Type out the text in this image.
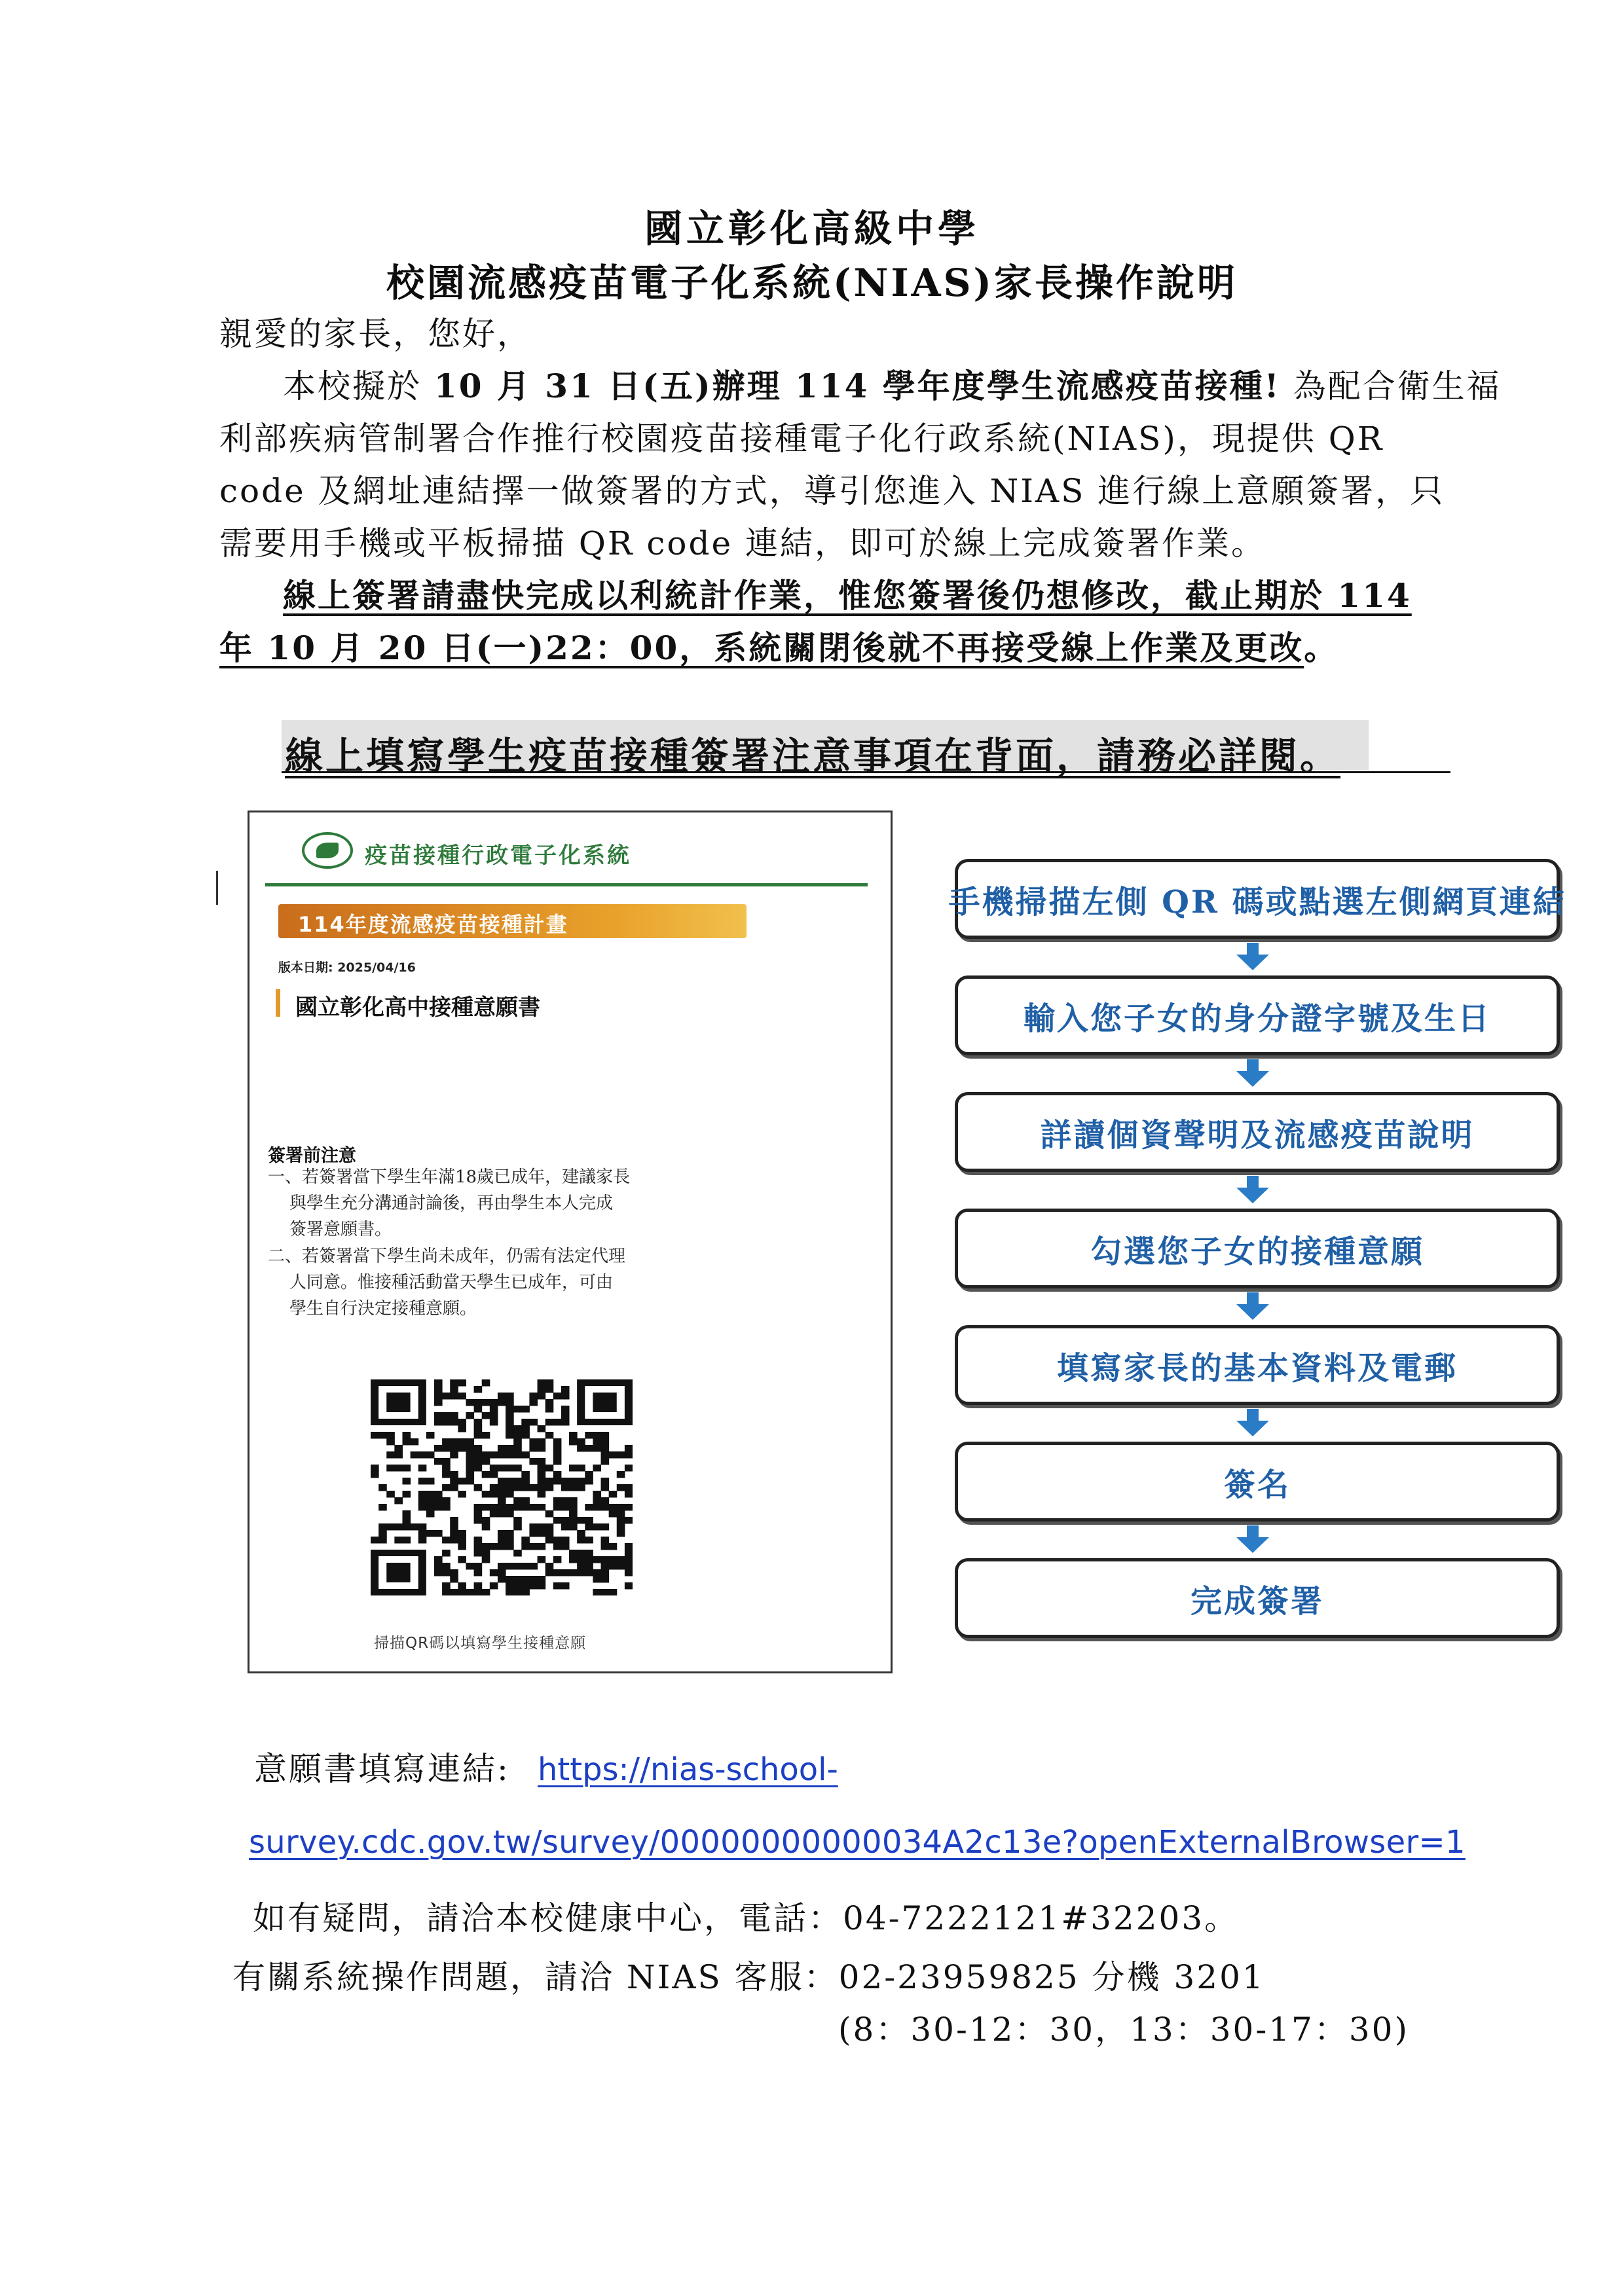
國立彰化高級中學
校園流感疫苗電子化系統(NIAS)家長操作說明
親愛的家長，您好，
本校擬於 10 月 31 日(五)辦理 114 學年度學生流感疫苗接種! 為配合衛生福
利部疾病管制署合作推行校園疫苗接種電子化行政系統(NIAS)，現提供 QR
code 及網址連結擇一做簽署的方式，導引您進入 NIAS 進行線上意願簽署，只
需要用手機或平板掃描 QR code 連結，即可於線上完成簽署作業。
線上簽署請盡快完成以利統計作業，惟您簽署後仍想修改，截止期於 114
年 10 月 20 日(一)22：00，系統關閉後就不再接受線上作業及更改。
線上填寫學生疫苗接種簽署注意事項在背面，請務必詳閱。
疫苗接種行政電子化系統
114年度流感疫苗接種計畫
版本日期: 2025/04/16
國立彰化高中接種意願書
簽署前注意
一、若簽署當下學生年滿18歲已成年，建議家長
與學生充分溝通討論後，再由學生本人完成
簽署意願書。
二、若簽署當下學生尚未成年，仍需有法定代理
人同意。惟接種活動當天學生已成年，可由
學生自行決定接種意願。
掃描QR碼以填寫學生接種意願
手機掃描左側 QR 碼或點選左側網頁連結
輸入您子女的身分證字號及生日
詳讀個資聲明及流感疫苗說明
勾選您子女的接種意願
填寫家長的基本資料及電郵
簽名
完成簽署
意願書填寫連結: https://nias-school-
survey.cdc.gov.tw/survey/00000000000034A2c13e?openExternalBrowser=1
如有疑問，請洽本校健康中心，電話：04-7222121#32203。
有關系統操作問題，請洽 NIAS 客服：02-23959825 分機 3201
(8：30-12：30，13：30-17：30)
